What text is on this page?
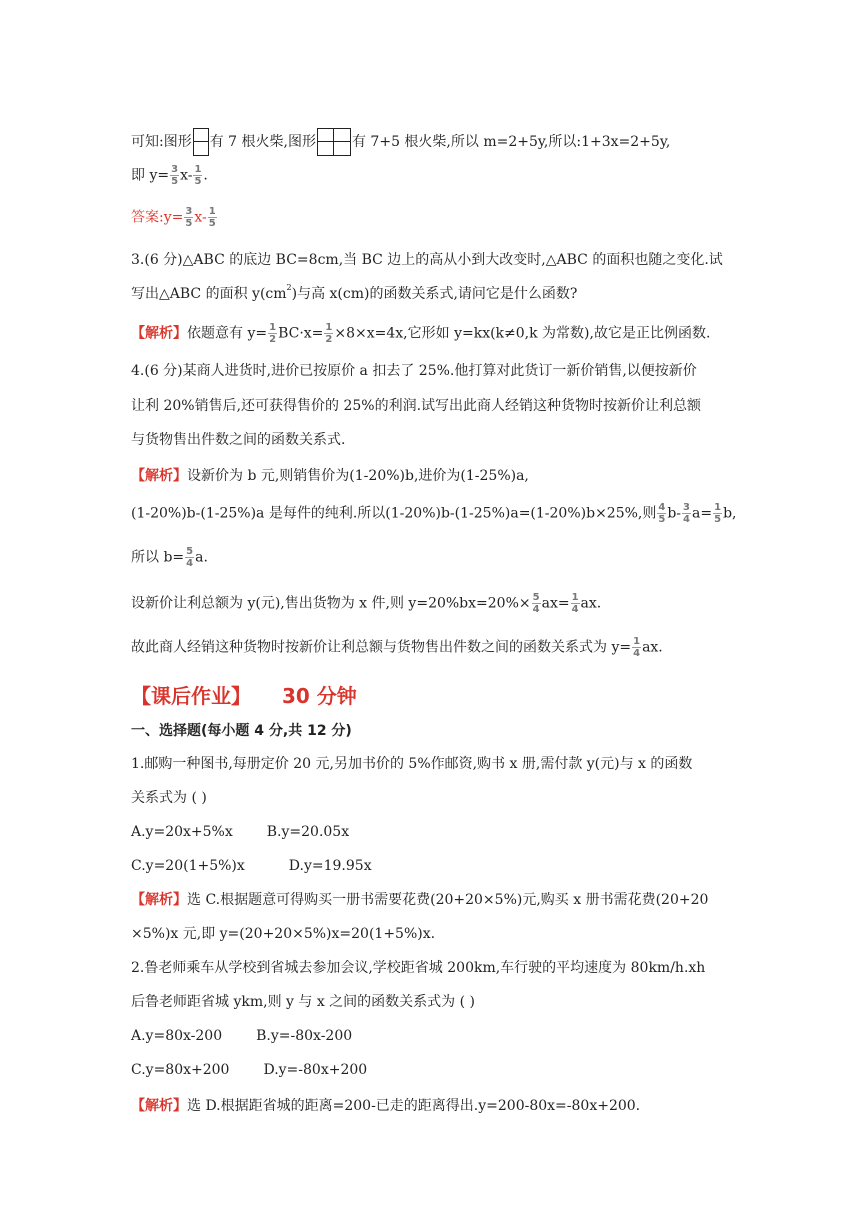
可知:图形 有 7 根火柴,图形	有 7+5 根火柴,所以 m=2+5y,所以:1+3x=2+5y,
即 $y= \frac{3}{5} x- \frac{1}{5}$ .
答案:y= $\frac{3}{5} x- \frac{1}{5}$
3.(6 分)△ABC 的底边 BC=8cm,当 BC 边上的高从小到大改变时,△ABC 的面积也随之变化.试
写出△ABC 的面积 $y(cm^2)$与高 x(cm)的函数关系式,请问它是什么函数?
【解析】依题意有 $y= \frac{1}{2} BC\cdot x= \frac{1}{2} \times 8\times x=4x$,它形如 y=kx(k≠0,k 为常数),故它是正比例函数.
4.(6 分)某商人进货时,进价已按原价 a 扣去了 25%.他打算对此货订一新价销售,以便按新价
让利 20%销售后,还可获得售价的 25%的利润.试写出此商人经销这种货物时按新价让利总额
与货物售出件数之间的函数关系式.
【解析】设新价为 b 元,则销售价为(1-20%)b,进价为(1-25%)a,
(1-20%)b-(1-25%)a 是每件的纯利.所以(1-20%)b-(1-25%)a=(1-20%)b×25%,则 $\frac{4}{5} b- \frac{3}{4} a= \frac{1}{5} b$,
所以 $b= \frac{5}{4} a$.
设新价让利总额为 y(元),售出货物为 x 件,则 $y=20\%bx=20\%\times \frac{5}{4} ax= \frac{1}{4}$ ax.
故此商人经销这种货物时按新价让利总额与货物售出件数之间的函数关系式为 $y= \frac{1}{4}$ ax.
【课后作业】 30 分钟
一、选择题(每小题 4 分,共 12 分)
1.邮购一种图书,每册定价 20 元,另加书价的 5%作邮资,购书 x 册,需付款 y(元)与 x 的函数
关系式为 ( )
A.y=20x+5%x B.y=20.05x
C.y=20(1+5%)x	D.y=19.95x
【解析】选 C.根据题意可得购买一册书需要花费(20+20×5%)元,购买 x 册书需花费(20+20
×5%)x 元,即 y=(20+20×5%)x=20(1+5%)x.
2.鲁老师乘车从学校到省城去参加会议,学校距省城 200km,车行驶的平均速度为 80km/h.xh
后鲁老师距省城 ykm,则 y 与 x 之间的函数关系式为 ( )
A.y=80x-200 B.y=-80x-200
C.y=80x+200 D.y=-80x+200
【解析】选 D.根据距省城的距离=200-已走的距离得出.y=200-80x=-80x+200.
